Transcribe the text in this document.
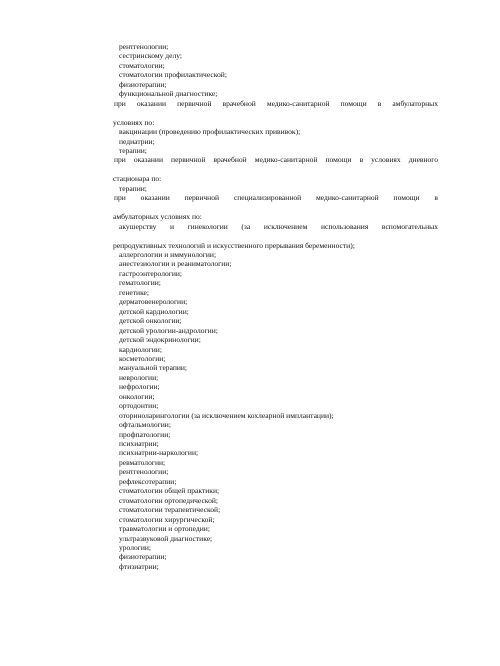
рентгенологии;
сестринскому делу;
стоматологии;
стоматологии профилактической;
физиотерапии;
функциональной диагностике;
при оказании первичной врачебной медико-санитарной помощи в амбулаторных
условиях по:
вакцинации (проведению профилактических прививок);
педиатрии;
терапии;
при оказании первичной врачебной медико-санитарной помощи в условиях дневного
стационара по:
терапии;
при оказании первичной специализированной медико-санитарной помощи в
амбулаторных условиях по:
акушерству и гинекологии (за исключением использования вспомогательных
репродуктивных технологий и искусственного прерывания беременности);
аллергологии и иммунологии;
анестезиологии и реаниматологии;
гастроэнтерологии;
гематологии;
генетике;
дерматовенерологии;
детской кардиологии;
детской онкологии;
детской урологии-андрологии;
детской эндокринологии;
кардиологии;
косметологии;
мануальной терапии;
неврологии;
нефрологии;
онкологии;
ортодонтии;
оториноларингологии (за исключением кохлеарной имплантации);
офтальмологии;
профпатологии;
психиатрии;
психиатрии-наркологии;
ревматологии;
рентгенологии;
рефлексотерапии;
стоматологии общей практики;
стоматологии ортопедической;
стоматологии терапевтической;
стоматологии хирургической;
травматологии и ортопедии;
ультразвуковой диагностике;
урологии;
физиотерапии;
фтизиатрии;
